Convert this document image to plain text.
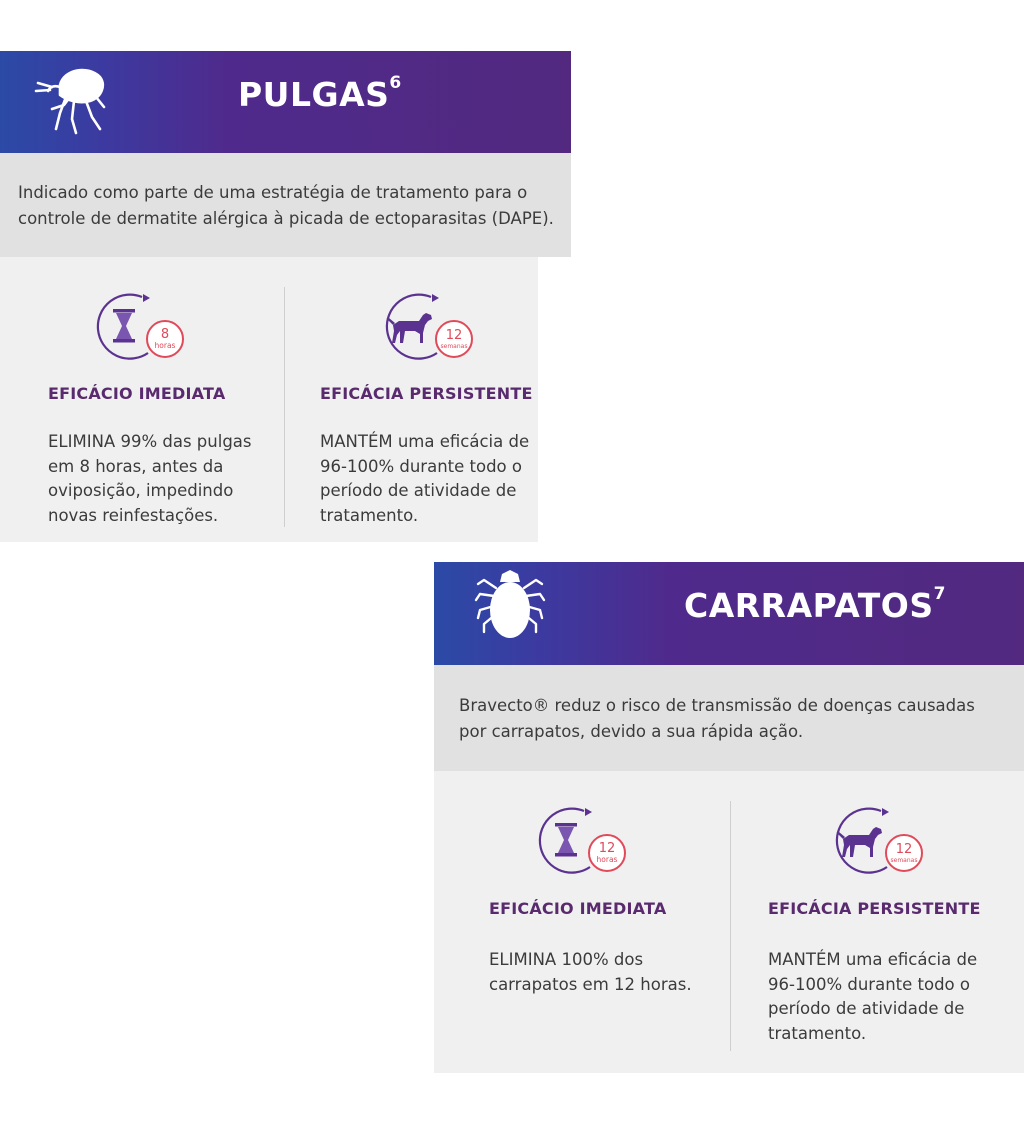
PULGAS$^6$
Indicado como parte de uma estratégia de tratamento para o
controle de dermatite alérgica à picada de ectoparasitas (DAPE).
8
horas
EFICÁCIO IMEDIATA
ELIMINA 99% das pulgas
em 8 horas, antes da
oviposição, impedindo
novas reinfestações.
12
semanas
EFICÁCIA PERSISTENTE
MANTÉM uma eficácia de
96-100% durante todo o
período de atividade de
tratamento.
CARRAPATOS$^7$
Bravecto® reduz o risco de transmissão de doenças causadas
por carrapatos, devido a sua rápida ação.
12
horas
EFICÁCIO IMEDIATA
ELIMINA 100% dos
carrapatos em 12 horas.
12
semanas
EFICÁCIA PERSISTENTE
MANTÉM uma eficácia de
96-100% durante todo o
período de atividade de
tratamento.
